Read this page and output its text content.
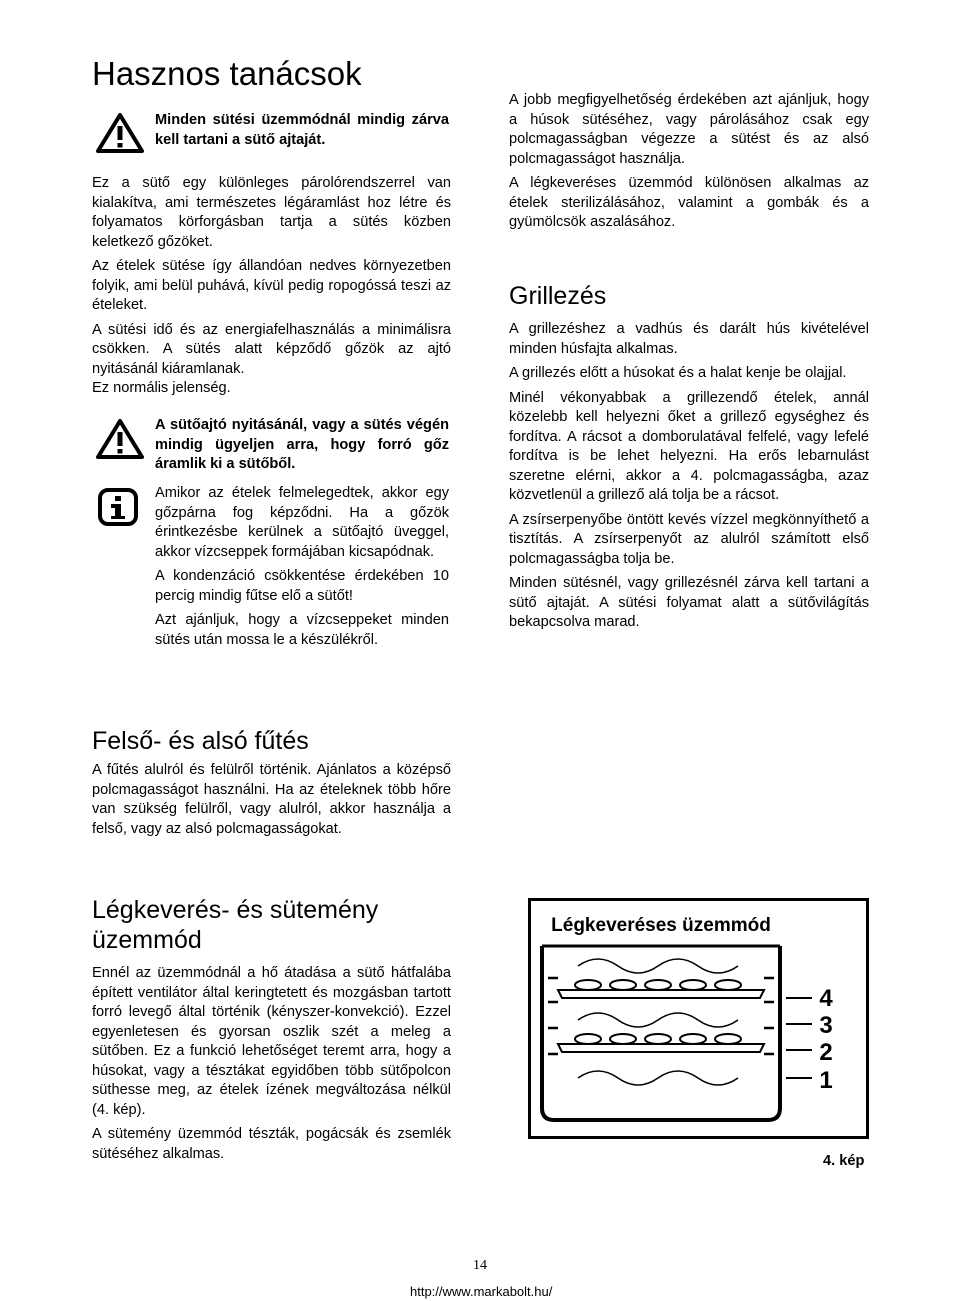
Hasznos tanácsok
Minden sütési üzemmódnál mindig zárva kell tartani a sütő ajtaját.

Ez a sütő egy különleges párolórendszerrel van kialakítva, ami természetes légáramlást hoz létre és folyamatos körforgásban tartja a sütés közben keletkező gőzöket.

Az ételek sütése így állandóan nedves környezetben folyik, ami belül puhává, kívül pedig ropogóssá teszi az ételeket.

A sütési idő és az energiafelhasználás a minimálisra csökken. A sütés alatt képződő gőzök az ajtó nyitásánál kiáramlanak.

Ez normális jelenség.

A sütőajtó nyitásánál, vagy a sütés végén mindig ügyeljen arra, hogy forró gőz áramlik ki a sütőből.

Amikor az ételek felmelegedtek, akkor egy gőzpárna fog képződni. Ha a gőzök érintkezésbe kerülnek a sütőajtó üveggel, akkor vízcseppek formájában kicsapódnak.

A kondenzáció csökkentése érdekében 10 percig mindig fűtse elő a sütőt!

Azt ajánljuk, hogy a vízcseppeket minden sütés után mossa le a készülékről.

Felső- és alsó fűtés

A fűtés alulról és felülről történik. Ajánlatos a középső polcmagasságot használni. Ha az ételeknek több hőre van szükség felülről, vagy alulról, akkor használja a felső, vagy az alsó polcmagasságokat.

Légkeverés- és sütemény
üzemmód

Ennél az üzemmódnál a hő átadása a sütő hátfalába épített ventilátor által keringtetett és mozgásban tartott forró levegő által történik (kényszer-konvekció). Ezzel egyenletesen és gyorsan oszlik szét a meleg a sütőben. Ez a funkció lehetőséget teremt arra, hogy a húsokat, vagy a tésztákat egyidőben több sütőpolcon süthesse meg, az ételek ízének megváltozása nélkül (4. kép).

A sütemény üzemmód tészták, pogácsák és zsemlék sütéséhez alkalmas.

A jobb megfigyelhetőség érdekében azt ajánljuk, hogy a húsok sütéséhez, vagy párolásához csak egy polcmagasságban végezze a sütést és az alsó polcmagasságot használja.

A légkeveréses üzemmód különösen alkalmas az ételek sterilizálásához, valamint a gombák és a gyümölcsök aszalásához.

Grillezés

A grillezéshez a vadhús és darált hús kivételével minden húsfajta alkalmas.

A grillezés előtt a húsokat és a halat kenje be olajjal.

Minél vékonyabbak a grillezendő ételek, annál közelebb kell helyezni őket a grillező egységhez és fordítva. A rácsot a domborulatával felfelé, vagy lefelé fordítva is be lehet helyezni. Ha erős lebarnulást szeretne elérni, akkor a 4. polcmagasságba, azaz közvetlenül a grillező alá tolja be a rácsot.

A zsírserpenyőbe öntött kevés vízzel megkönnyíthető a tisztítás. A zsírserpenyőt az alulról számított első polcmagasságba tolja be.

Minden sütésnél, vagy grillezésnél zárva kell tartani a sütő ajtaját. A sütési folyamat alatt a sütővilágítás bekapcsolva marad.

Légkeveréses üzemmód
4
3
2
1
4. kép
14
http://www.markabolt.hu/
